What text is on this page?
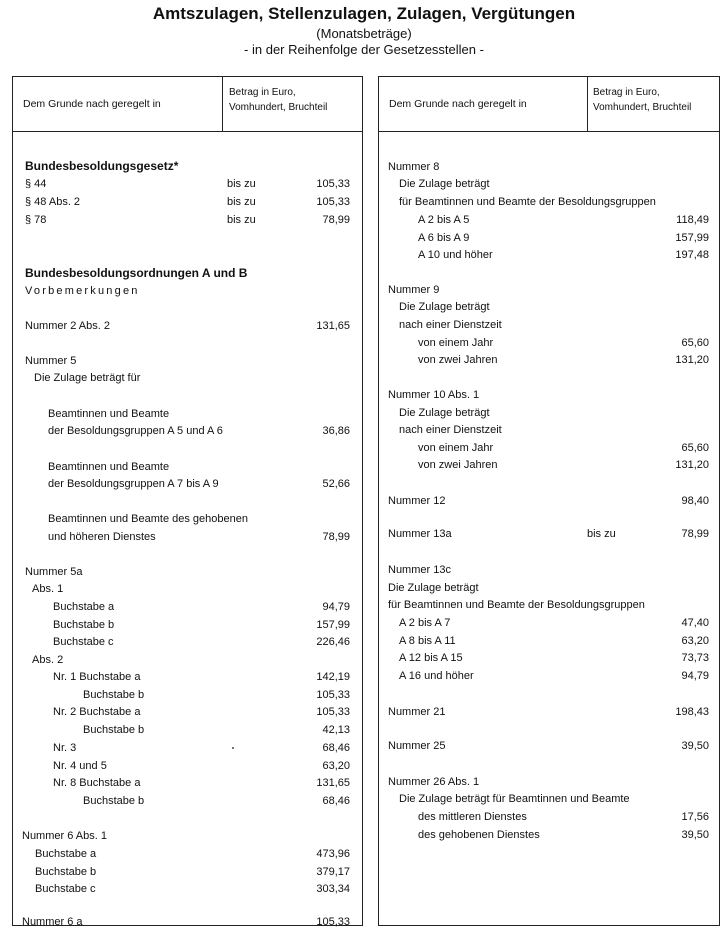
Amtszulagen, Stellenzulagen, Zulagen, Vergütungen
(Monatsbeträge)
- in der Reihenfolge der Gesetzesstellen -
Dem Grunde nach geregelt in
Betrag in Euro,
Vomhundert, Bruchteil
Bundesbesoldungsgesetz*
§ 44	bis zu	105,33
§ 48 Abs. 2	bis zu	105,33
§ 78	bis zu	78,99
Bundesbesoldungsordnungen A und B
Vorbemerkungen
Nummer 2 Abs. 2	131,65
Nummer 5
Die Zulage beträgt für
Beamtinnen und Beamte
der Besoldungsgruppen A 5 und A 6	36,86
Beamtinnen und Beamte
der Besoldungsgruppen A 7 bis A 9	52,66
Beamtinnen und Beamte des gehobenen
und höheren Dienstes	78,99
Nummer 5a
Abs. 1
Buchstabe a	94,79
Buchstabe b	157,99
Buchstabe c	226,46
Abs. 2
Nr. 1 Buchstabe a	142,19
Buchstabe b	105,33
Nr. 2 Buchstabe a	105,33
Buchstabe b	42,13
Nr. 3	68,46
Nr. 4 und 5	63,20
Nr. 8 Buchstabe a	131,65
Buchstabe b	68,46
Nummer 6 Abs. 1
Buchstabe a	473,96
Buchstabe b	379,17
Buchstabe c	303,34
Nummer 6 a	105,33
Dem Grunde nach geregelt in
Betrag in Euro,
Vomhundert, Bruchteil
Nummer 8
Die Zulage beträgt
für Beamtinnen und Beamte der Besoldungsgruppen
A 2 bis A 5	118,49
A 6 bis A 9	157,99
A 10 und höher	197,48
Nummer 9
Die Zulage beträgt
nach einer Dienstzeit
von einem Jahr	65,60
von zwei Jahren	131,20
Nummer 10 Abs. 1
Die Zulage beträgt
nach einer Dienstzeit
von einem Jahr	65,60
von zwei Jahren	131,20
Nummer 12	98,40
Nummer 13a	bis zu	78,99
Nummer 13c
Die Zulage beträgt
für Beamtinnen und Beamte der Besoldungsgruppen
A 2 bis A 7	47,40
A 8 bis A 11	63,20
A 12 bis A 15	73,73
A 16 und höher	94,79
Nummer 21	198,43
Nummer 25	39,50
Nummer 26 Abs. 1
Die Zulage beträgt für Beamtinnen und Beamte
des mittleren Dienstes	17,56
des gehobenen Dienstes	39,50
